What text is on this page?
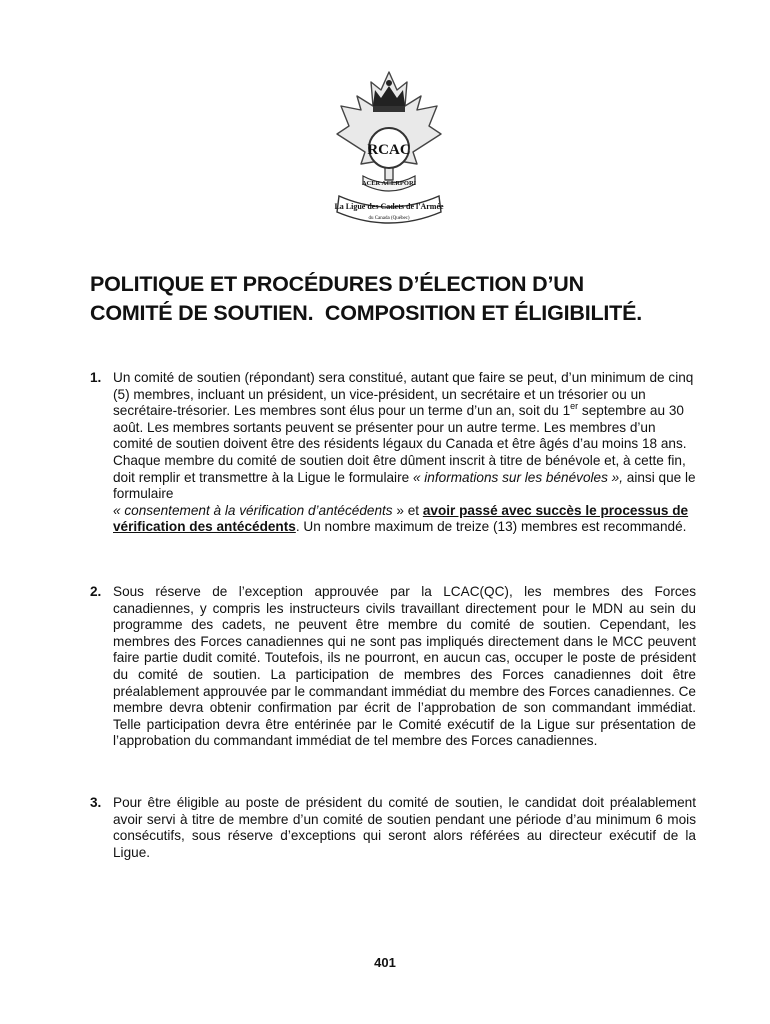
RCAC
ACER ACERPORI
La Ligue des Cadets de l'Armée
du Canada (Québec)
POLITIQUE ET PROCÉDURES D’ÉLECTION D’UN
COMITÉ DE SOUTIEN.  COMPOSITION ET ÉLIGIBILITÉ.
1. Un comité de soutien (répondant) sera constitué, autant que faire se peut, d’un minimum de cinq (5) membres, incluant un président, un vice-président, un secrétaire et un trésorier ou un secrétaire-trésorier. Les membres sont élus pour un terme d’un an, soit du 1er septembre au 30 août. Les membres sortants peuvent se présenter pour un autre terme. Les membres d’un comité de soutien doivent être des résidents légaux du Canada et être âgés d’au moins 18 ans. Chaque membre du comité de soutien doit être dûment inscrit à titre de bénévole et, à cette fin, doit remplir et transmettre à la Ligue le formulaire « informations sur les bénévoles », ainsi que le formulaire
« consentement à la vérification d’antécédents » et avoir passé avec succès le processus de vérification des antécédents. Un nombre maximum de treize (13) membres est recommandé.
2. Sous réserve de l’exception approuvée par la LCAC(QC), les membres des Forces canadiennes, y compris les instructeurs civils travaillant directement pour le MDN au sein du programme des cadets, ne peuvent être membre du comité de soutien. Cependant, les membres des Forces canadiennes qui ne sont pas impliqués directement dans le MCC peuvent faire partie dudit comité. Toutefois, ils ne pourront, en aucun cas, occuper le poste de président du comité de soutien. La participation de membres des Forces canadiennes doit être préalablement approuvée par le commandant immédiat du membre des Forces canadiennes. Ce membre devra obtenir confirmation par écrit de l’approbation de son commandant immédiat. Telle participation devra être entérinée par le Comité exécutif de la Ligue sur présentation de l’approbation du commandant immédiat de tel membre des Forces canadiennes.
3. Pour être éligible au poste de président du comité de soutien, le candidat doit préalablement avoir servi à titre de membre d’un comité de soutien pendant une période d’au minimum 6 mois consécutifs, sous réserve d’exceptions qui seront alors référées au directeur exécutif de la Ligue.
401
